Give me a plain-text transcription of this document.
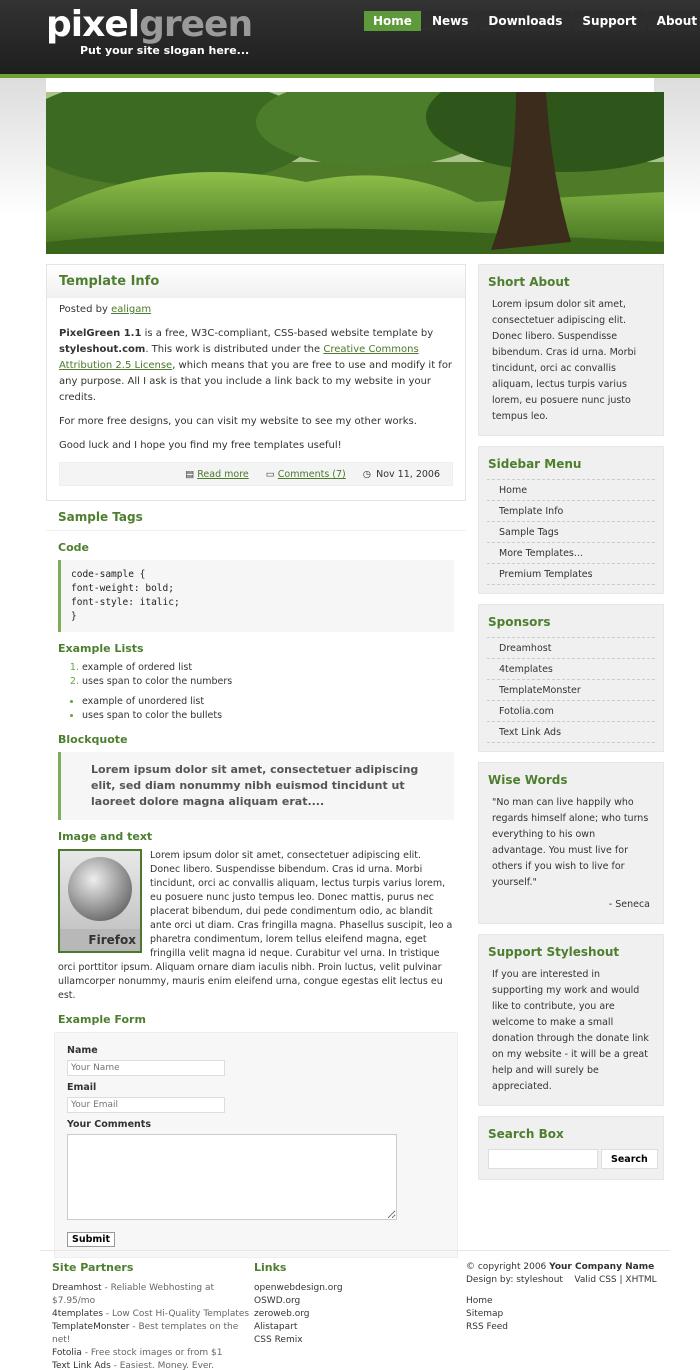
pixelgreen
Put your site slogan here...
Home	News	Downloads	Support	About
Template Info

Posted by ealigam

PixelGreen 1.1 is a free, W3C-compliant, CSS-based website template by styleshout.com. This work is distributed under the Creative Commons Attribution 2.5 License, which means that you are free to use and modify it for any purpose. All I ask is that you include a link back to my website in your credits.

For more free designs, you can visit my website to see my other works.

Good luck and I hope you find my free templates useful!

▤ Read more ▭ Comments (7) ◷ Nov 11, 2006
Sample Tags
Code
code-sample {
font-weight: bold;
font-style: italic;
}
Example Lists
1. example of ordered list
2. uses span to color the numbers
• example of unordered list
• uses span to color the bullets
Blockquote
Lorem ipsum dolor sit amet, consectetuer adipiscing elit, sed diam nonummy nibh euismod tincidunt ut laoreet dolore magna aliquam erat....
Image and text
Firefox
Lorem ipsum dolor sit amet, consectetuer adipiscing elit. Donec libero. Suspendisse bibendum. Cras id urna. Morbi tincidunt, orci ac convallis aliquam, lectus turpis varius lorem, eu posuere nunc justo tempus leo. Donec mattis, purus nec placerat bibendum, dui pede condimentum odio, ac blandit ante orci ut diam. Cras fringilla magna. Phasellus suscipit, leo a pharetra condimentum, lorem tellus eleifend magna, eget fringilla velit magna id neque. Curabitur vel urna. In tristique orci porttitor ipsum. Aliquam ornare diam iaculis nibh. Proin luctus, velit pulvinar ullamcorper nonummy, mauris enim eleifend urna, congue egestas elit lectus eu est.
Example Form
Name
Your Name
Email
Your Email
Your Comments
Submit
Short About
Lorem ipsum dolor sit amet, consectetuer adipiscing elit. Donec libero. Suspendisse bibendum. Cras id urna. Morbi tincidunt, orci ac convallis aliquam, lectus turpis varius lorem, eu posuere nunc justo tempus leo.
Sidebar Menu
Home
Template Info
Sample Tags
More Templates...
Premium Templates
Sponsors
Dreamhost
4templates
TemplateMonster
Fotolia.com
Text Link Ads
Wise Words
"No man can live happily who regards himself alone; who turns everything to his own advantage. You must live for others if you wish to live for yourself."
- Seneca
Support Styleshout
If you are interested in supporting my work and would like to contribute, you are welcome to make a small donation through the donate link on my website - it will be a great help and will surely be appreciated.
Search Box
Search
Site Partners
Dreamhost - Reliable Webhosting at $7.95/mo
4templates - Low Cost Hi-Quality Templates
TemplateMonster - Best templates on the net!
Fotolia - Free stock images or from $1
Text Link Ads - Easiest. Money. Ever.
Links
openwebdesign.org
OSWD.org
zeroweb.org
Alistapart
CSS Remix
© copyright 2006 Your Company Name
Design by: styleshout Valid CSS | XHTML
Home
Sitemap
RSS Feed
